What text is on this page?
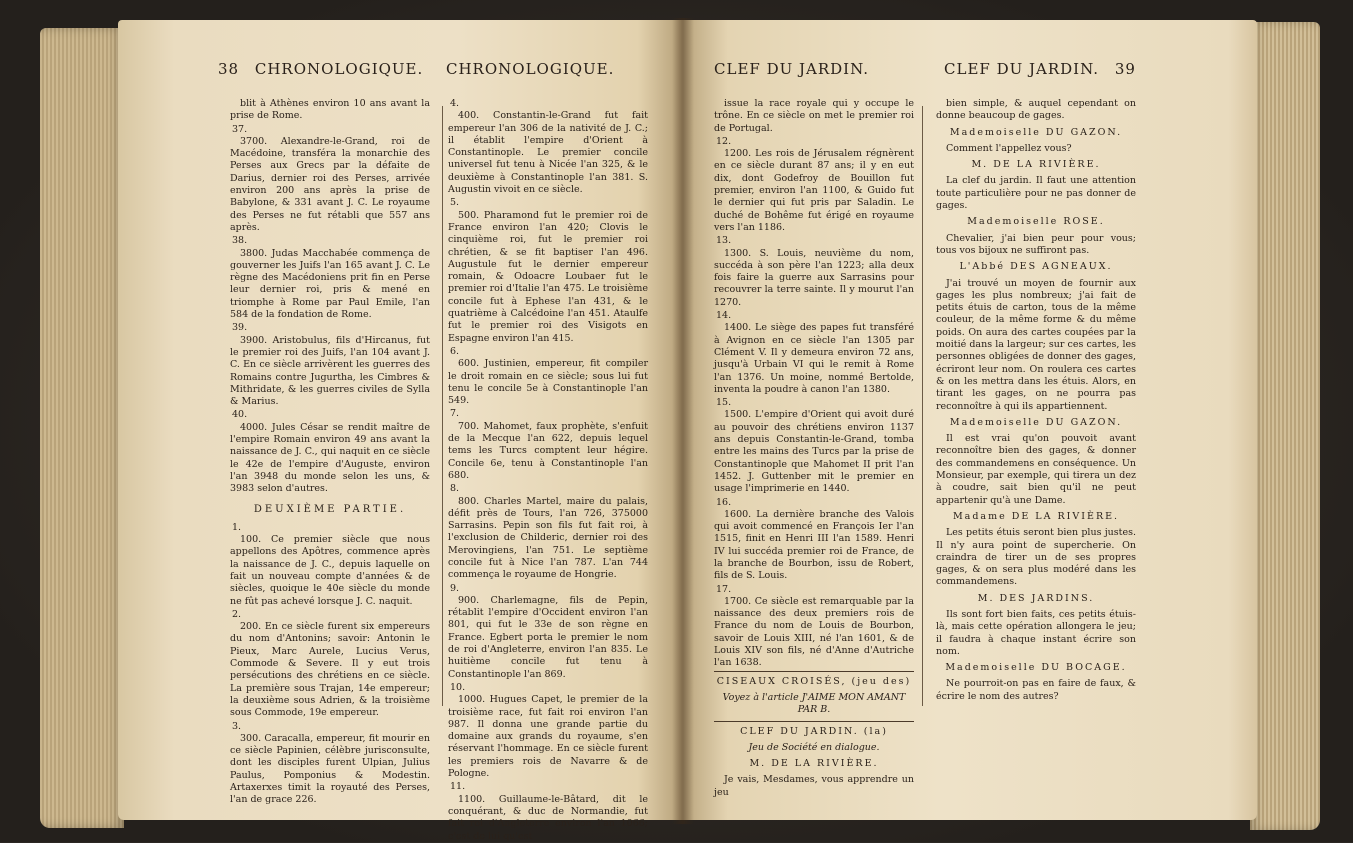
38 CHRONOLOGIQUE. CHRONOLOGIQUE.

blit à Athènes environ 10 ans avant la prise de Rome.

37.

3700. Alexandre-le-Grand, roi de Macédoine, transféra la monarchie des Perses aux Grecs par la défaite de Darius, dernier roi des Perses, arrivée environ 200 ans après la prise de Babylone, & 331 avant J. C. Le royaume des Perses ne fut rétabli que 557 ans après.

38.

3800. Judas Macchabée commença de gouverner les Juifs l'an 165 avant J. C. Le règne des Macédoniens prit fin en Perse leur dernier roi, pris & mené en triomphe à Rome par Paul Emile, l'an 584 de la fondation de Rome.

39.

3900. Aristobulus, fils d'Hircanus, fut le premier roi des Juifs, l'an 104 avant J. C. En ce siècle arrivèrent les guerres des Romains contre Jugurtha, les Cimbres & Mithridate, & les guerres civiles de Sylla & Marius.

40.

4000. Jules César se rendit maître de l'empire Romain environ 49 ans avant la naissance de J. C., qui naquit en ce siècle le 42e de l'empire d'Auguste, environ l'an 3948 du monde selon les uns, & 3983 selon d'autres.

DEUXIÈME PARTIE.
1.

100. Ce premier siècle que nous appellons des Apôtres, commence après la naissance de J. C., depuis laquelle on fait un nouveau compte d'années & de siècles, quoique le 40e siècle du monde ne fût pas achevé lorsque J. C. naquit.

2.

200. En ce siècle furent six empereurs du nom d'Antonins; savoir: Antonin le Pieux, Marc Aurele, Lucius Verus, Commode & Severe. Il y eut trois persécutions des chrétiens en ce siècle. La première sous Trajan, 14e empereur; la deuxième sous Adrien, & la troisième sous Commode, 19e empereur.

3.

300. Caracalla, empereur, fit mourir en ce siècle Papinien, célèbre jurisconsulte, dont les disciples furent Ulpian, Julius Paulus, Pomponius & Modestin. Artaxerxes timit la royauté des Perses, l'an de grace 226.

4.

400. Constantin-le-Grand fut fait empereur l'an 306 de la nativité de J. C.; il établit l'empire d'Orient à Constantinople. Le premier concile universel fut tenu à Nicée l'an 325, & le deuxième à Constantinople l'an 381. S. Augustin vivoit en ce siècle.

5.

500. Pharamond fut le premier roi de France environ l'an 420; Clovis le cinquième roi, fut le premier roi chrétien, & se fit baptiser l'an 496. Augustule fut le dernier empereur romain, & Odoacre Loubaer fut le premier roi d'Italie l'an 475. Le troisième concile fut à Ephese l'an 431, & le quatrième à Calcédoine l'an 451. Ataulfe fut le premier roi des Visigots en Espagne environ l'an 415.

6.

600. Justinien, empereur, fit compiler le droit romain en ce siècle; sous lui fut tenu le concile 5e à Constantinople l'an 549.

7.

700. Mahomet, faux prophète, s'enfuit de la Mecque l'an 622, depuis lequel tems les Turcs comptent leur hégire. Concile 6e, tenu à Constantinople l'an 680.

8.

800. Charles Martel, maire du palais, défit près de Tours, l'an 726, 375000 Sarrasins. Pepin son fils fut fait roi, à l'exclusion de Childeric, dernier roi des Merovingiens, l'an 751. Le septième concile fut à Nice l'an 787. L'an 744 commença le royaume de Hongrie.

9.

900. Charlemagne, fils de Pepin, rétablit l'empire d'Occident environ l'an 801, qui fut le 33e de son règne en France. Egbert porta le premier le nom de roi d'Angleterre, environ l'an 835. Le huitième concile fut tenu à Constantinople l'an 869.

10.

1000. Hugues Capet, le premier de la troisième race, fut fait roi environ l'an 987. Il donna une grande partie du domaine aux grands du royaume, s'en réservant l'hommage. En ce siècle furent les premiers rois de Navarre & de Pologne.

11.

1100. Guillaume-le-Bâtard, dit le conquérant, & duc de Normandie, fut fait roi d'Angleterre environ l'an 1066; c'est de lui qu'est

CLEF DU JARDIN.	CLEF DU JARDIN. 39

issue la race royale qui y occupe le trône. En ce siècle on met le premier roi de Portugal.

12.

1200. Les rois de Jérusalem régnèrent en ce siècle durant 87 ans; il y en eut dix, dont Godefroy de Bouillon fut premier, environ l'an 1100, & Guido fut le dernier qui fut pris par Saladin. Le duché de Bohême fut érigé en royaume vers l'an 1186.

13.

1300. S. Louis, neuvième du nom, succéda à son père l'an 1223; alla deux fois faire la guerre aux Sarrasins pour recouvrer la terre sainte. Il y mourut l'an 1270.

14.

1400. Le siège des papes fut transféré à Avignon en ce siècle l'an 1305 par Clément V. Il y demeura environ 72 ans, jusqu'à Urbain VI qui le remit à Rome l'an 1376. Un moine, nommé Bertolde, inventa la poudre à canon l'an 1380.

15.

1500. L'empire d'Orient qui avoit duré au pouvoir des chrétiens environ 1137 ans depuis Constantin-le-Grand, tomba entre les mains des Turcs par la prise de Constantinople que Mahomet II prit l'an 1452. J. Guttenber mit le premier en usage l'imprimerie en 1440.

16.

1600. La dernière branche des Valois qui avoit commencé en François Ier l'an 1515, finit en Henri III l'an 1589. Henri IV lui succéda premier roi de France, de la branche de Bourbon, issu de Robert, fils de S. Louis.

17.

1700. Ce siècle est remarquable par la naissance des deux premiers rois de France du nom de Louis de Bourbon, savoir de Louis XIII, né l'an 1601, & de Louis XIV son fils, né d'Anne d'Autriche l'an 1638.

CISEAUX CROISÉS, (jeu des)
Voyez à l'article J'AIME MON AMANT PAR B.
CLEF DU JARDIN. (la)
Jeu de Société en dialogue.
M. DE LA RIVIÈRE.

Je vais, Mesdames, vous apprendre un jeu

bien simple, & auquel cependant on donne beaucoup de gages.

Mademoiselle DU GAZON.

Comment l'appellez vous?

M. DE LA RIVIÈRE.

La clef du jardin. Il faut une attention toute particulière pour ne pas donner de gages.

Mademoiselle ROSE.

Chevalier, j'ai bien peur pour vous; tous vos bijoux ne suffiront pas.

L'Abbé DES AGNEAUX.

J'ai trouvé un moyen de fournir aux gages les plus nombreux; j'ai fait de petits étuis de carton, tous de la même couleur, de la même forme & du même poids. On aura des cartes coupées par la moitié dans la largeur; sur ces cartes, les personnes obligées de donner des gages, écriront leur nom. On roulera ces cartes & on les mettra dans les étuis. Alors, en tirant les gages, on ne pourra pas reconnoître à qui ils appartiennent.

Mademoiselle DU GAZON.

Il est vrai qu'on pouvoit avant reconnoître bien des gages, & donner des commandemens en conséquence. Un Monsieur, par exemple, qui tirera un dez à coudre, sait bien qu'il ne peut appartenir qu'à une Dame.

Madame DE LA RIVIÈRE.

Les petits étuis seront bien plus justes. Il n'y aura point de supercherie. On craindra de tirer un de ses propres gages, & on sera plus modéré dans les commandemens.

M. DES JARDINS.

Ils sont fort bien faits, ces petits étuis-là, mais cette opération allongera le jeu; il faudra à chaque instant écrire son nom.

Mademoiselle DU BOCAGE.

Ne pourroit-on pas en faire de faux, & écrire le nom des autres?
